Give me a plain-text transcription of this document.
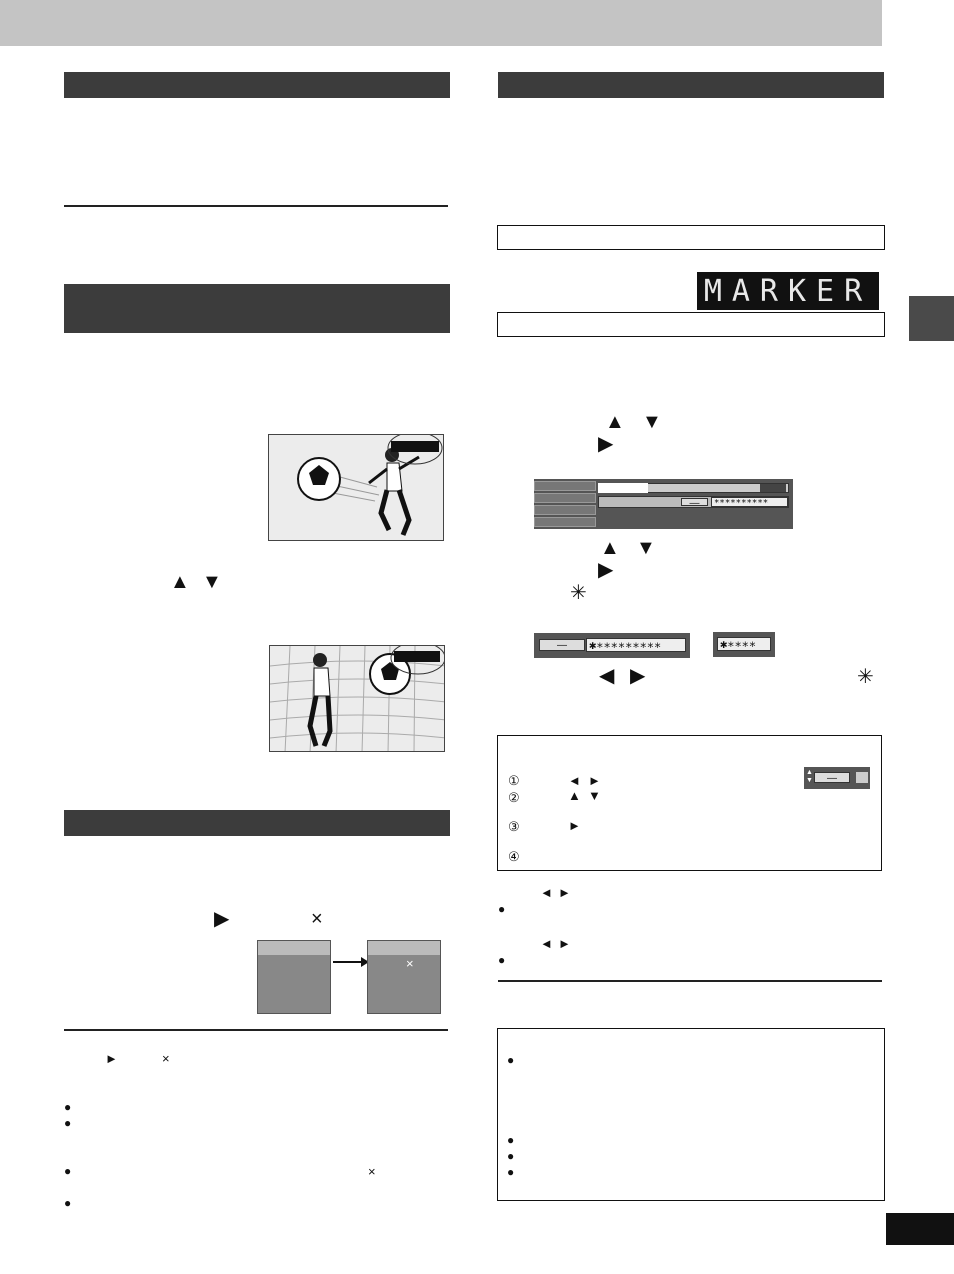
▲ ▼
▶	×
×
►	×
●
●
●	×
●
MARKER
▲ ▼
▶
—	∗∗∗∗∗∗∗∗∗∗
▲ ▼
▶
✳
—	✱∗∗∗∗∗∗∗∗∗	✱∗∗∗∗
◀ ▶	✳
①	◄ ►
②	▲ ▼
③	►
④
▲
▼	—
◄ ►
●
◄ ►
●
●
●
●
●
